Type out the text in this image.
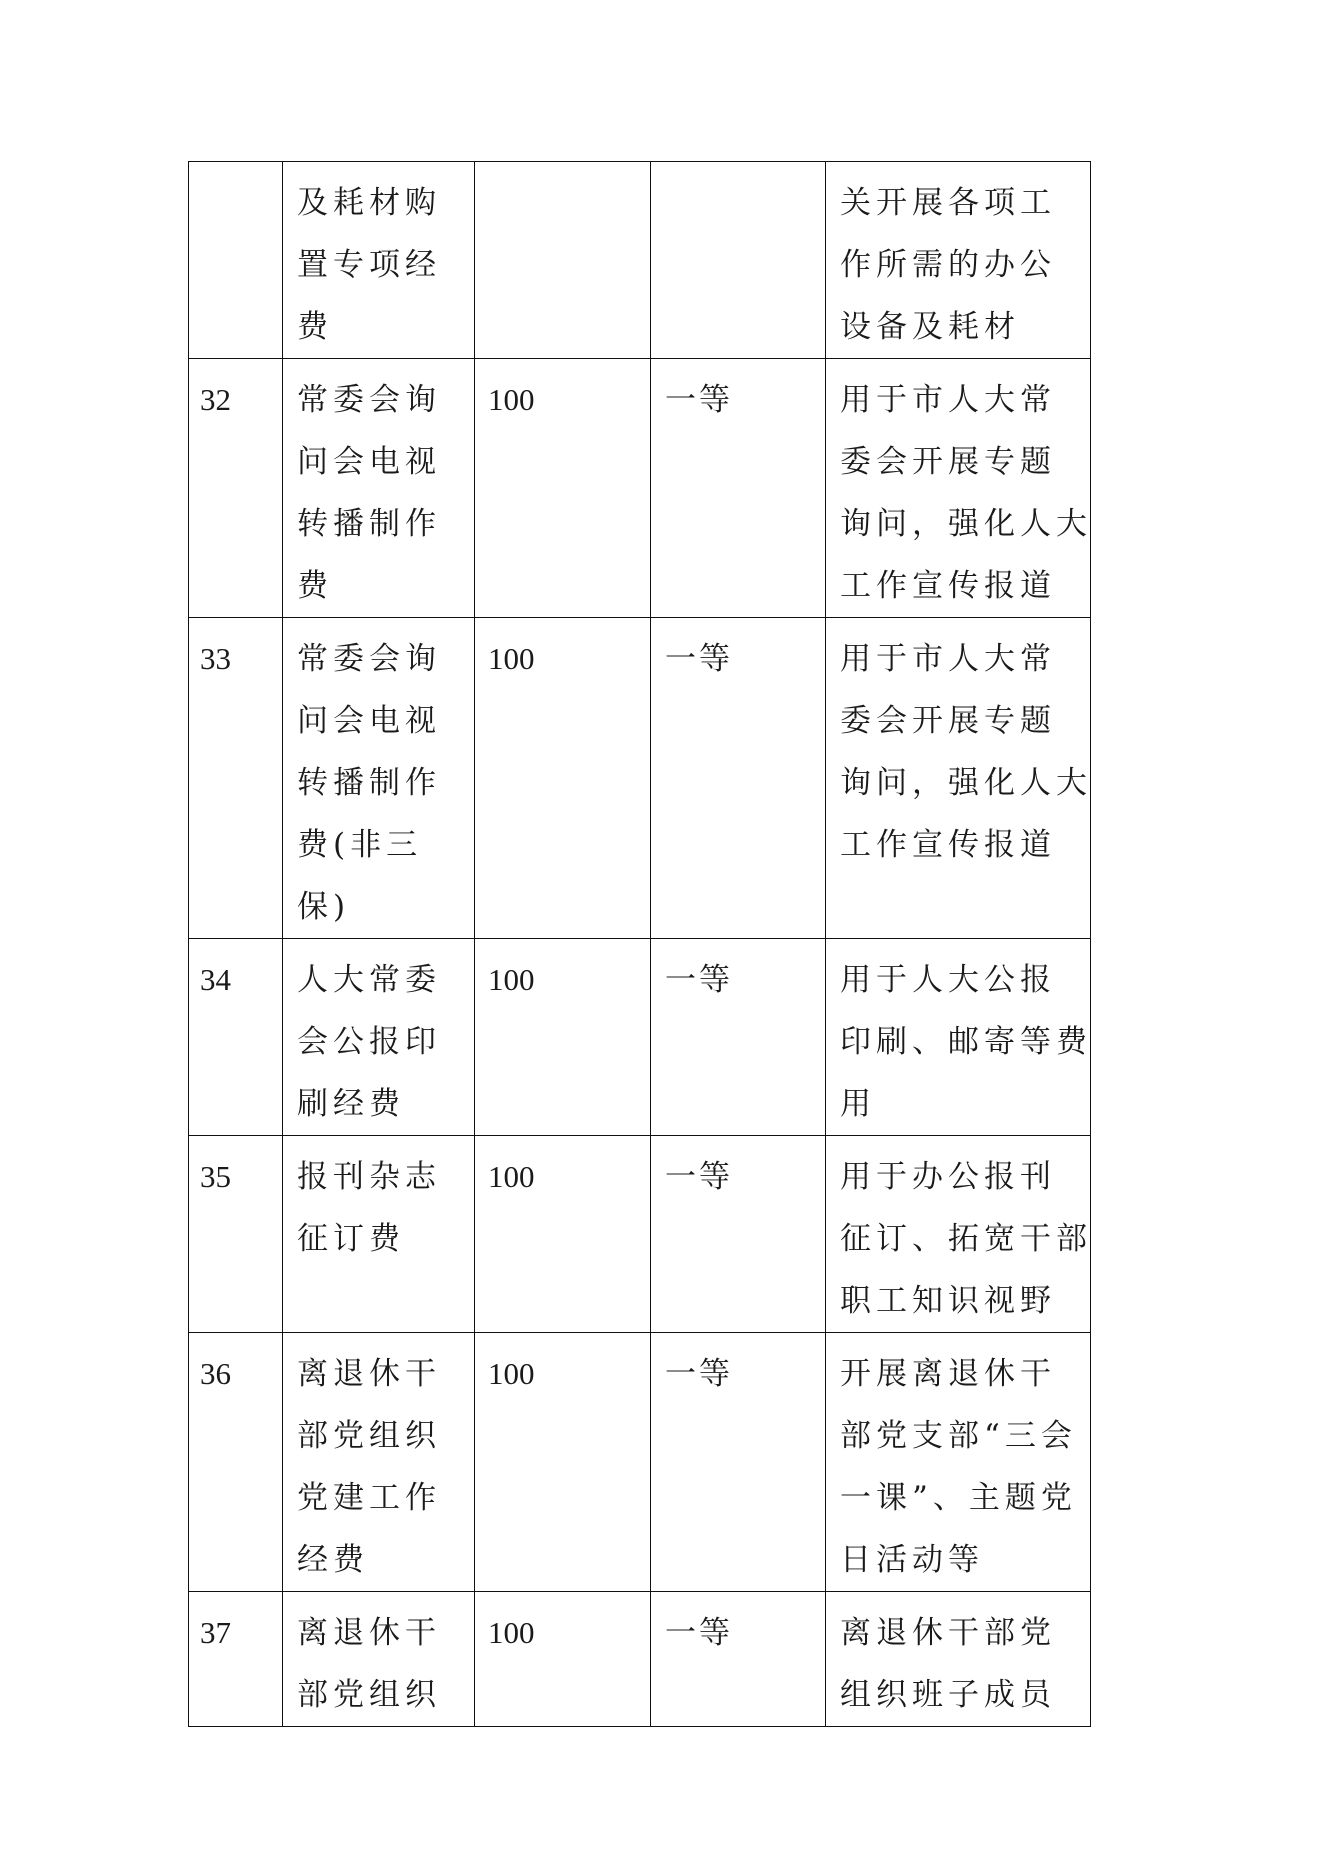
	及耗材购
置专项经
费			关开展各项工
作所需的办公
设备及耗材

32	常委会询
问会电视
转播制作
费	100	一等	用于市人大常
委会开展专题
询问，强化人大
工作宣传报道

33	常委会询
问会电视
转播制作
费(非三
保)	100	一等	用于市人大常
委会开展专题
询问，强化人大
工作宣传报道

34	人大常委
会公报印
刷经费	100	一等	用于人大公报
印刷、邮寄等费
用

35	报刊杂志
征订费	100	一等	用于办公报刊
征订、拓宽干部
职工知识视野

36	离退休干
部党组织
党建工作
经费	100	一等	开展离退休干
部党支部“三会
一课”、主题党
日活动等

37	离退休干
部党组织	100	一等	离退休干部党
组织班子成员
